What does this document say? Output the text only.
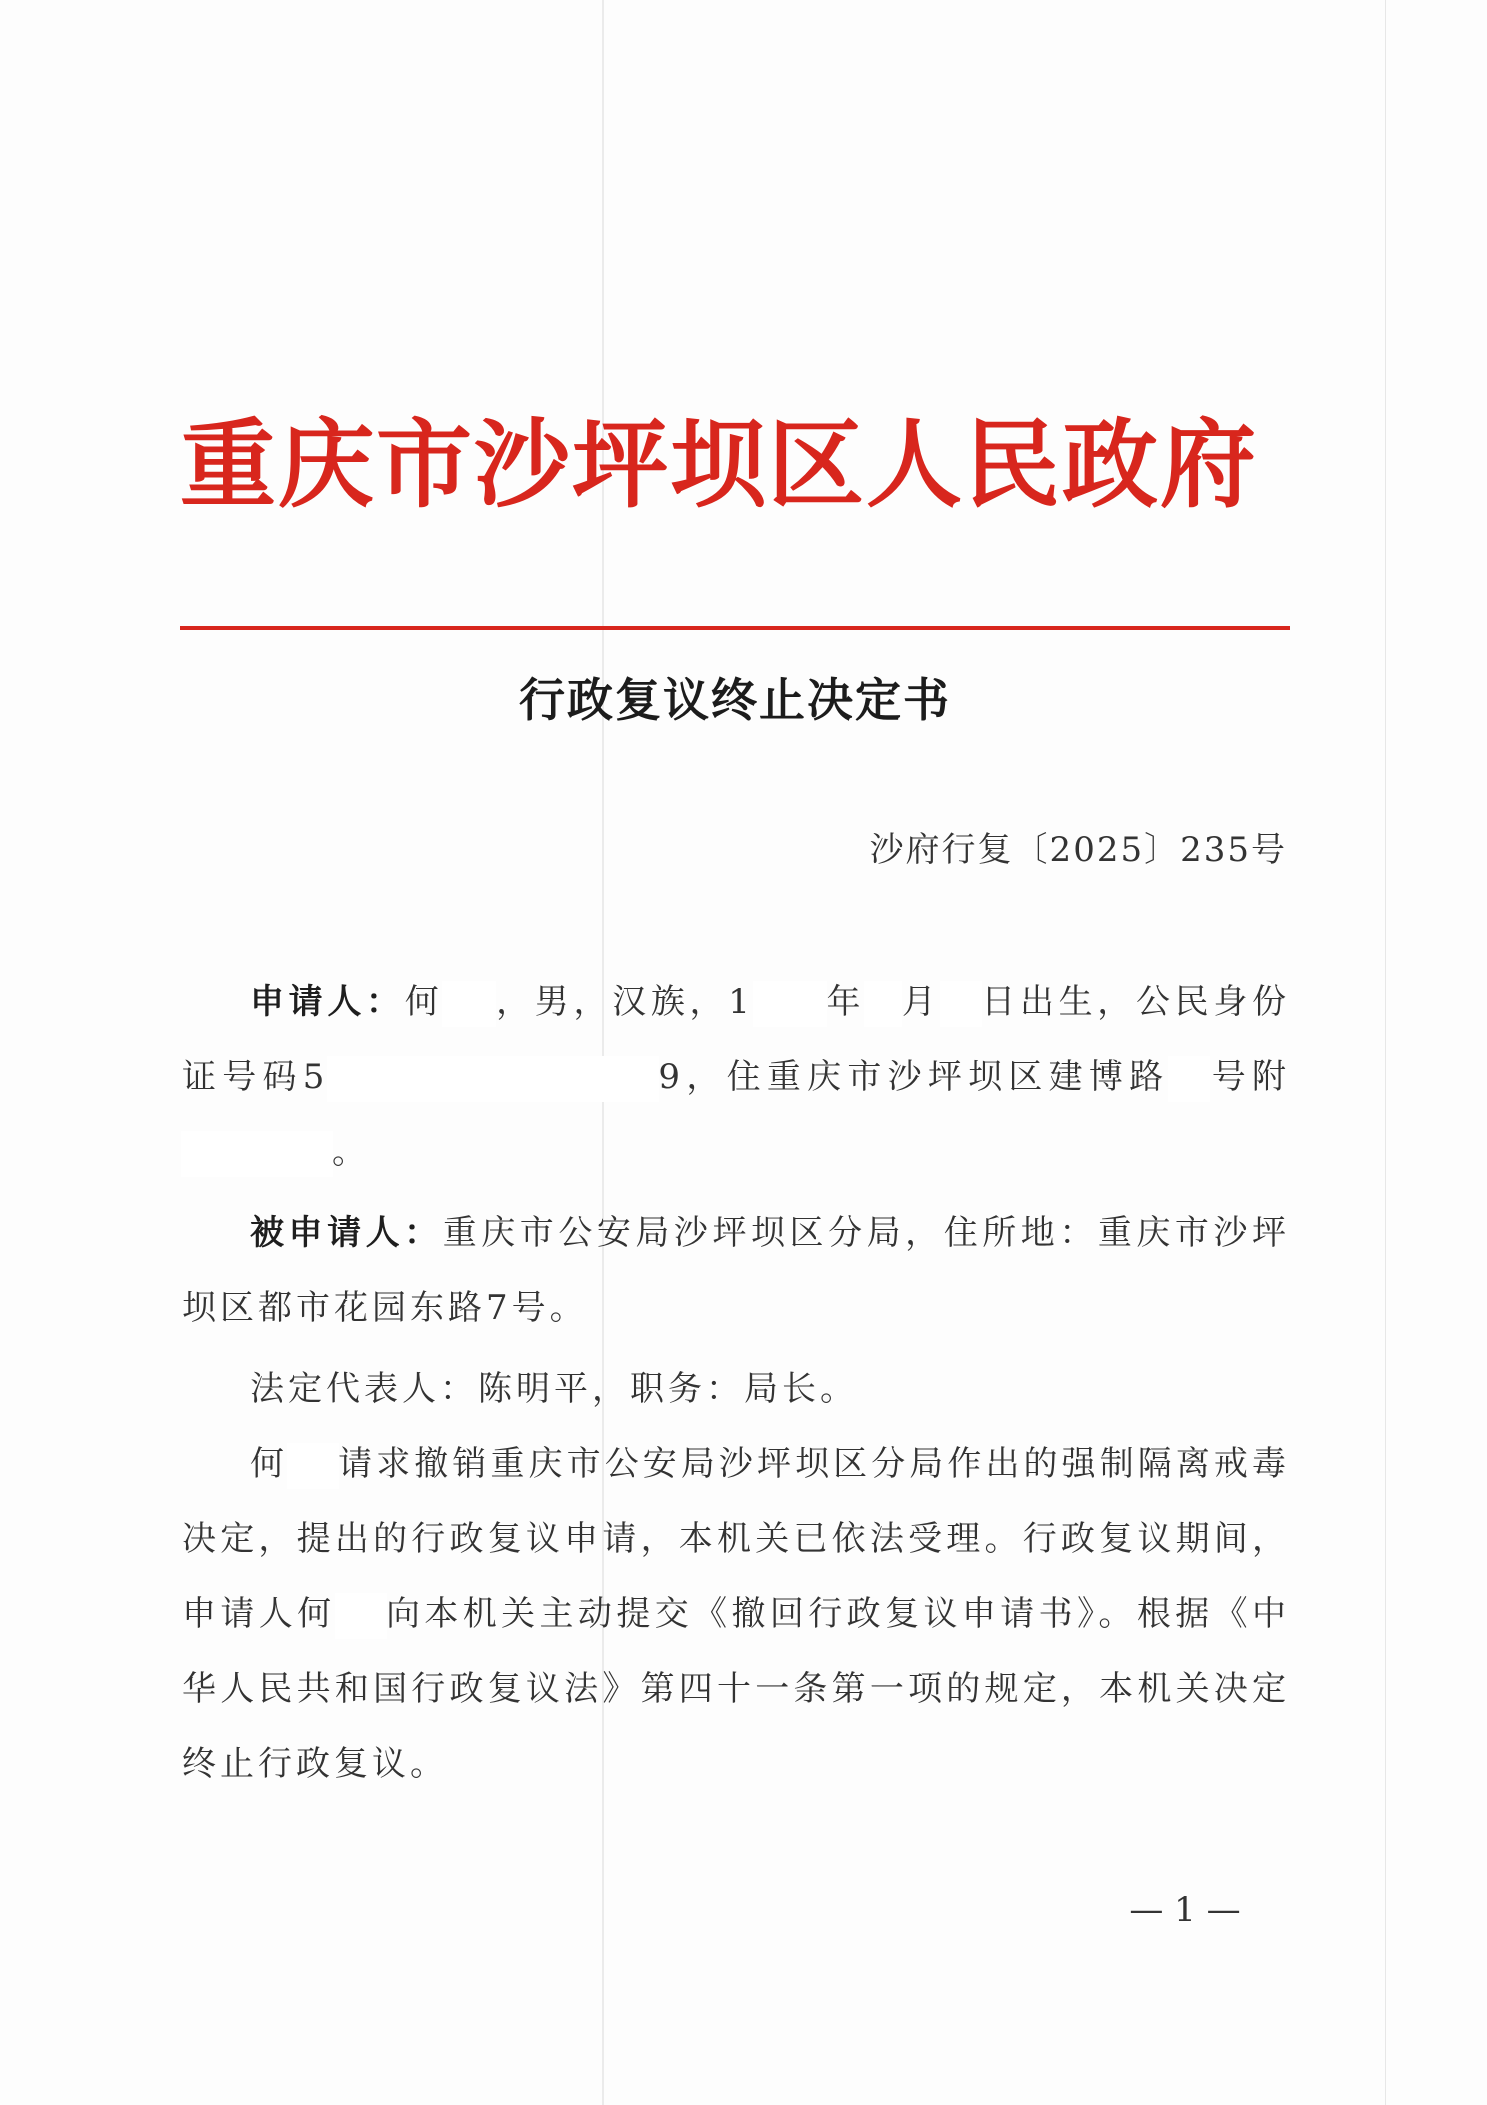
重庆市沙坪坝区人民政府
行政复议终止决定书
沙府行复〔2025〕235号

申请人：何 ，男，汉族，1 年 月 日出生，公民身份证号码5	9，住重庆市沙坪坝区建博路 号附。

被申请人：重庆市公安局沙坪坝区分局，住所地：重庆市沙坪坝区都市花园东路7号。

法定代表人：陈明平，职务：局长。

何 请求撤销重庆市公安局沙坪坝区分局作出的强制隔离戒毒决定，提出的行政复议申请，本机关已依法受理。行政复议期间，申请人何 向本机关主动提交《撤回行政复议申请书》。根据《中华人民共和国行政复议法》第四十一条第一项的规定，本机关决定终止行政复议。

— 1 —
